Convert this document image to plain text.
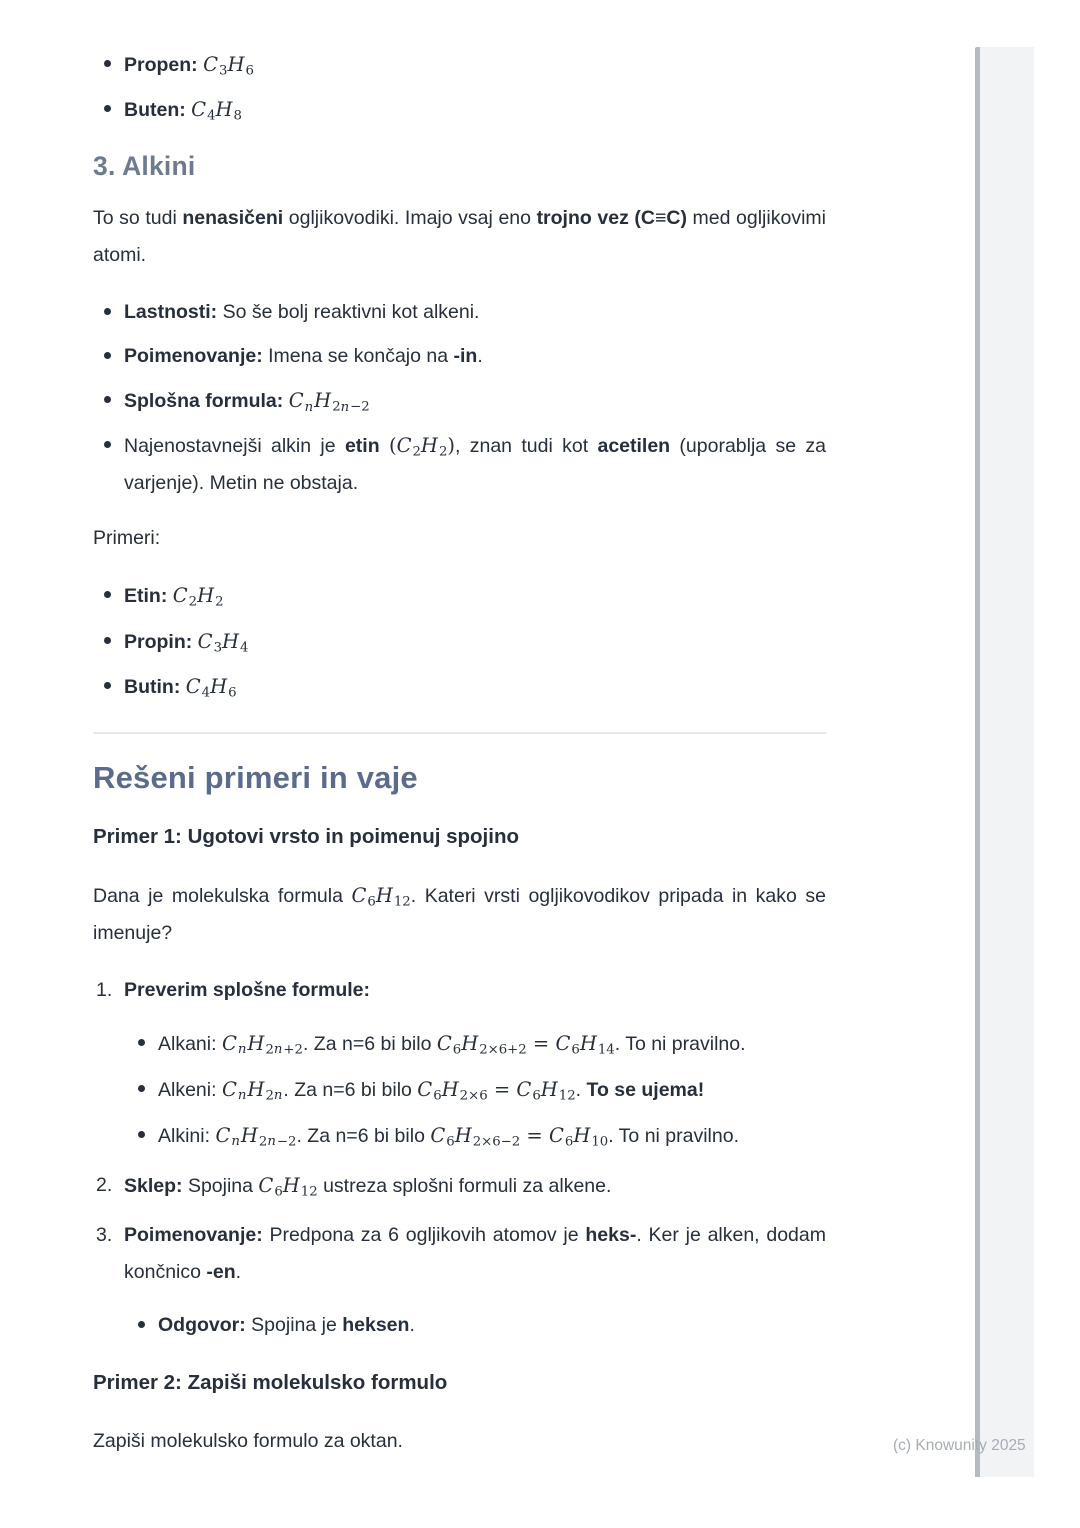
Propen: $C_3H_6$
Buten: $C_4H_8$
3. Alkini

To so tudi nenasičeni ogljikovodiki. Imajo vsaj eno trojno vez (C≡C) med ogljikovimi atomi.

Lastnosti: So še bolj reaktivni kot alkeni.
Poimenovanje: Imena se končajo na -in.
Splošna formula: $C_nH_{2n-2}$
Najenostavnejši alkin je etin $(C_2H_2)$, znan tudi kot acetilen (uporablja se za varjenje). Metin ne obstaja.

Primeri:

Etin: $C_2H_2$
Propin: $C_3H_4$
Butin: $C_4H_6$
Rešeni primeri in vaje

Primer 1: Ugotovi vrsto in poimenuj spojino

Dana je molekulska formula $C_6H_{12}$. Kateri vrsti ogljikovodikov pripada in kako se imenuje?

1. Preverim splošne formule:
Alkani: $C_nH_{2n+2}$. Za n=6 bi bilo $C_6H_{2\times 6+2} = C_6H_{14}$. To ni pravilno.
Alkeni: $C_nH_{2n}$. Za n=6 bi bilo $C_6H_{2\times 6} = C_6H_{12}$. To se ujema!
Alkini: $C_nH_{2n-2}$. Za n=6 bi bilo $C_6H_{2\times 6-2} = C_6H_{10}$. To ni pravilno.
2. Sklep: Spojina $C_6H_{12}$ ustreza splošni formuli za alkene.
3. Poimenovanje: Predpona za 6 ogljikovih atomov je heks-. Ker je alken, dodam končnico -en.
Odgovor: Spojina je heksen.

Primer 2: Zapiši molekulsko formulo

Zapiši molekulsko formulo za oktan.	(c) Knowunity 2025
